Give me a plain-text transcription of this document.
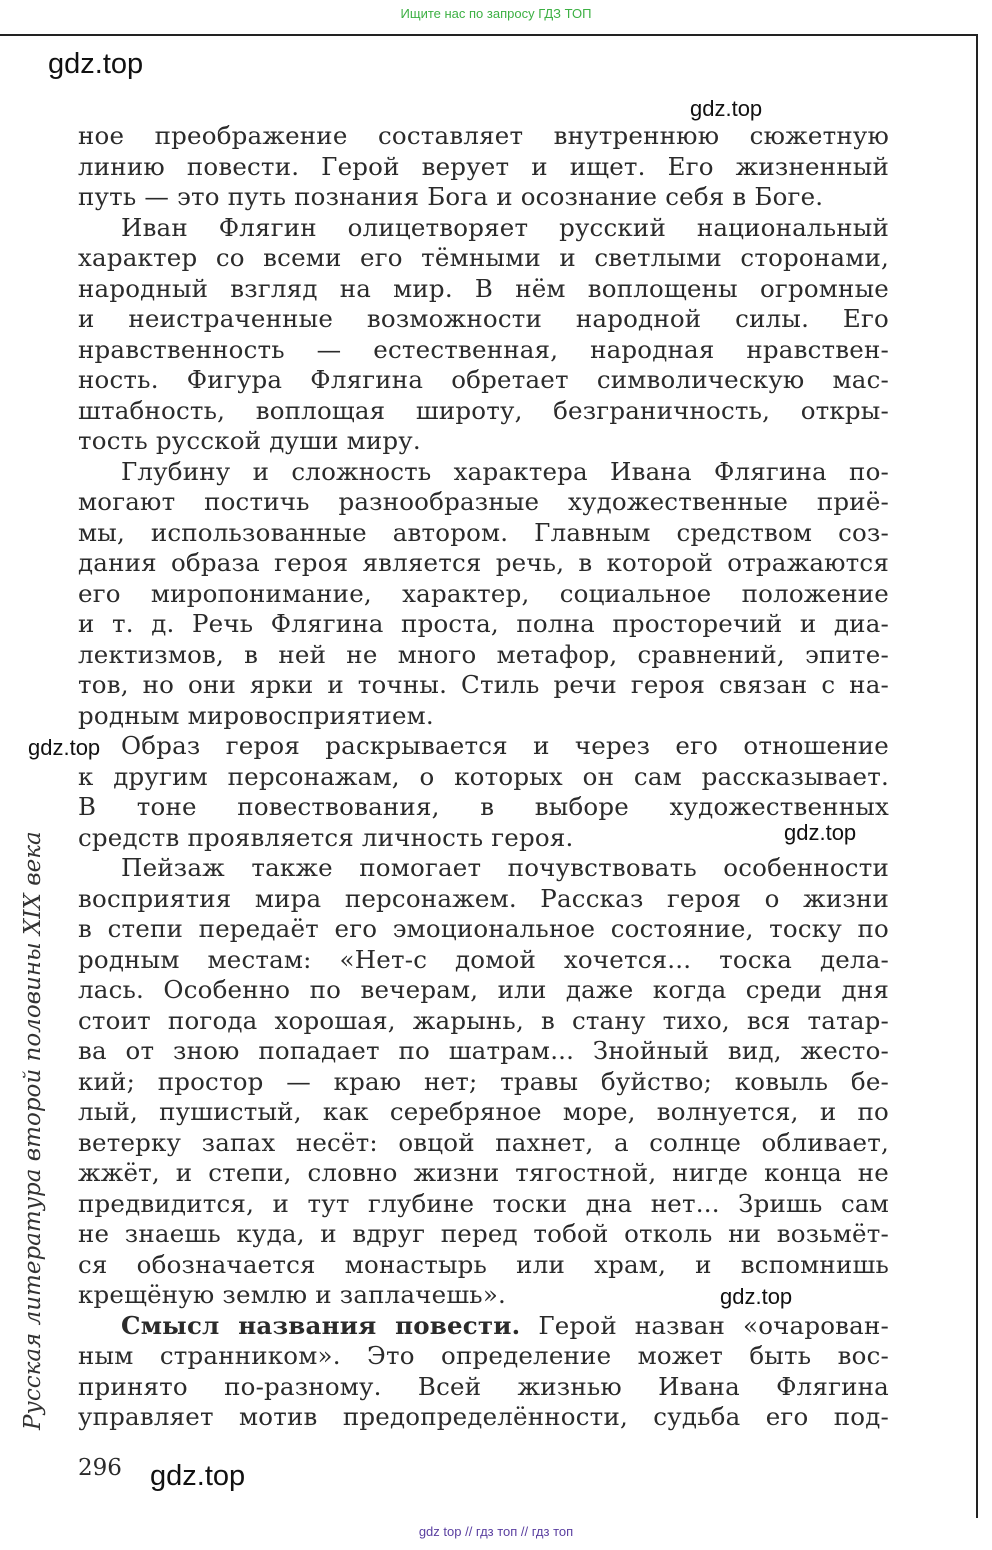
Ищите нас по запросу ГДЗ ТОП
gdz.top
gdz.top
gdz.top
gdz.top
gdz.top
gdz.top

ное преображение составляет внутреннюю сюжетную

линию повести. Герой верует и ищет. Его жизненный

путь — это путь познания Бога и осознание себя в Боге.

Иван Флягин олицетворяет русский национальный

характер со всеми его тёмными и светлыми сторонами,

народный взгляд на мир. В нём воплощены огромные

и неистраченные возможности народной силы. Его

нравственность — естественная, народная нравствен-

ность. Фигура Флягина обретает символическую мас-

штабность, воплощая широту, безграничность, откры-

тость русской души миру.

Глубину и сложность характера Ивана Флягина по-

могают постичь разнообразные художественные приё-

мы, использованные автором. Главным средством соз-

дания образа героя является речь, в которой отражаются

его миропонимание, характер, социальное положение

и т. д. Речь Флягина проста, полна просторечий и диа-

лектизмов, в ней не много метафор, сравнений, эпите-

тов, но они ярки и точны. Стиль речи героя связан с на-

родным мировосприятием.

Образ героя раскрывается и через его отношение

к другим персонажам, о которых он сам рассказывает.

В тоне повествования, в выборе художественных

средств проявляется личность героя.

Пейзаж также помогает почувствовать особенности

восприятия мира персонажем. Рассказ героя о жизни

в степи передаёт его эмоциональное состояние, тоску по

родным местам: «Нет-с домой хочется... тоска дела-

лась. Особенно по вечерам, или даже когда среди дня

стоит погода хорошая, жарынь, в стану тихо, вся татар-

ва от зною попадает по шатрам... Знойный вид, жесто-

кий; простор — краю нет; травы буйство; ковыль бе-

лый, пушистый, как серебряное море, волнуется, и по

ветерку запах несёт: овцой пахнет, а солнце обливает,

жжёт, и степи, словно жизни тягостной, нигде конца не

предвидится, и тут глубине тоски дна нет... Зришь сам

не знаешь куда, и вдруг перед тобой отколь ни возьмёт-

ся обозначается монастырь или храм, и вспомнишь

крещёную землю и заплачешь».

Смысл названия повести. Герой назван «очарован-

ным странником». Это определение может быть вос-

принято по-разному. Всей жизнью Ивана Флягина

управляет мотив предопределённости, судьба его под-

Русская литература второй половины XIX века
296
gdz top // гдз топ // гдз топ
